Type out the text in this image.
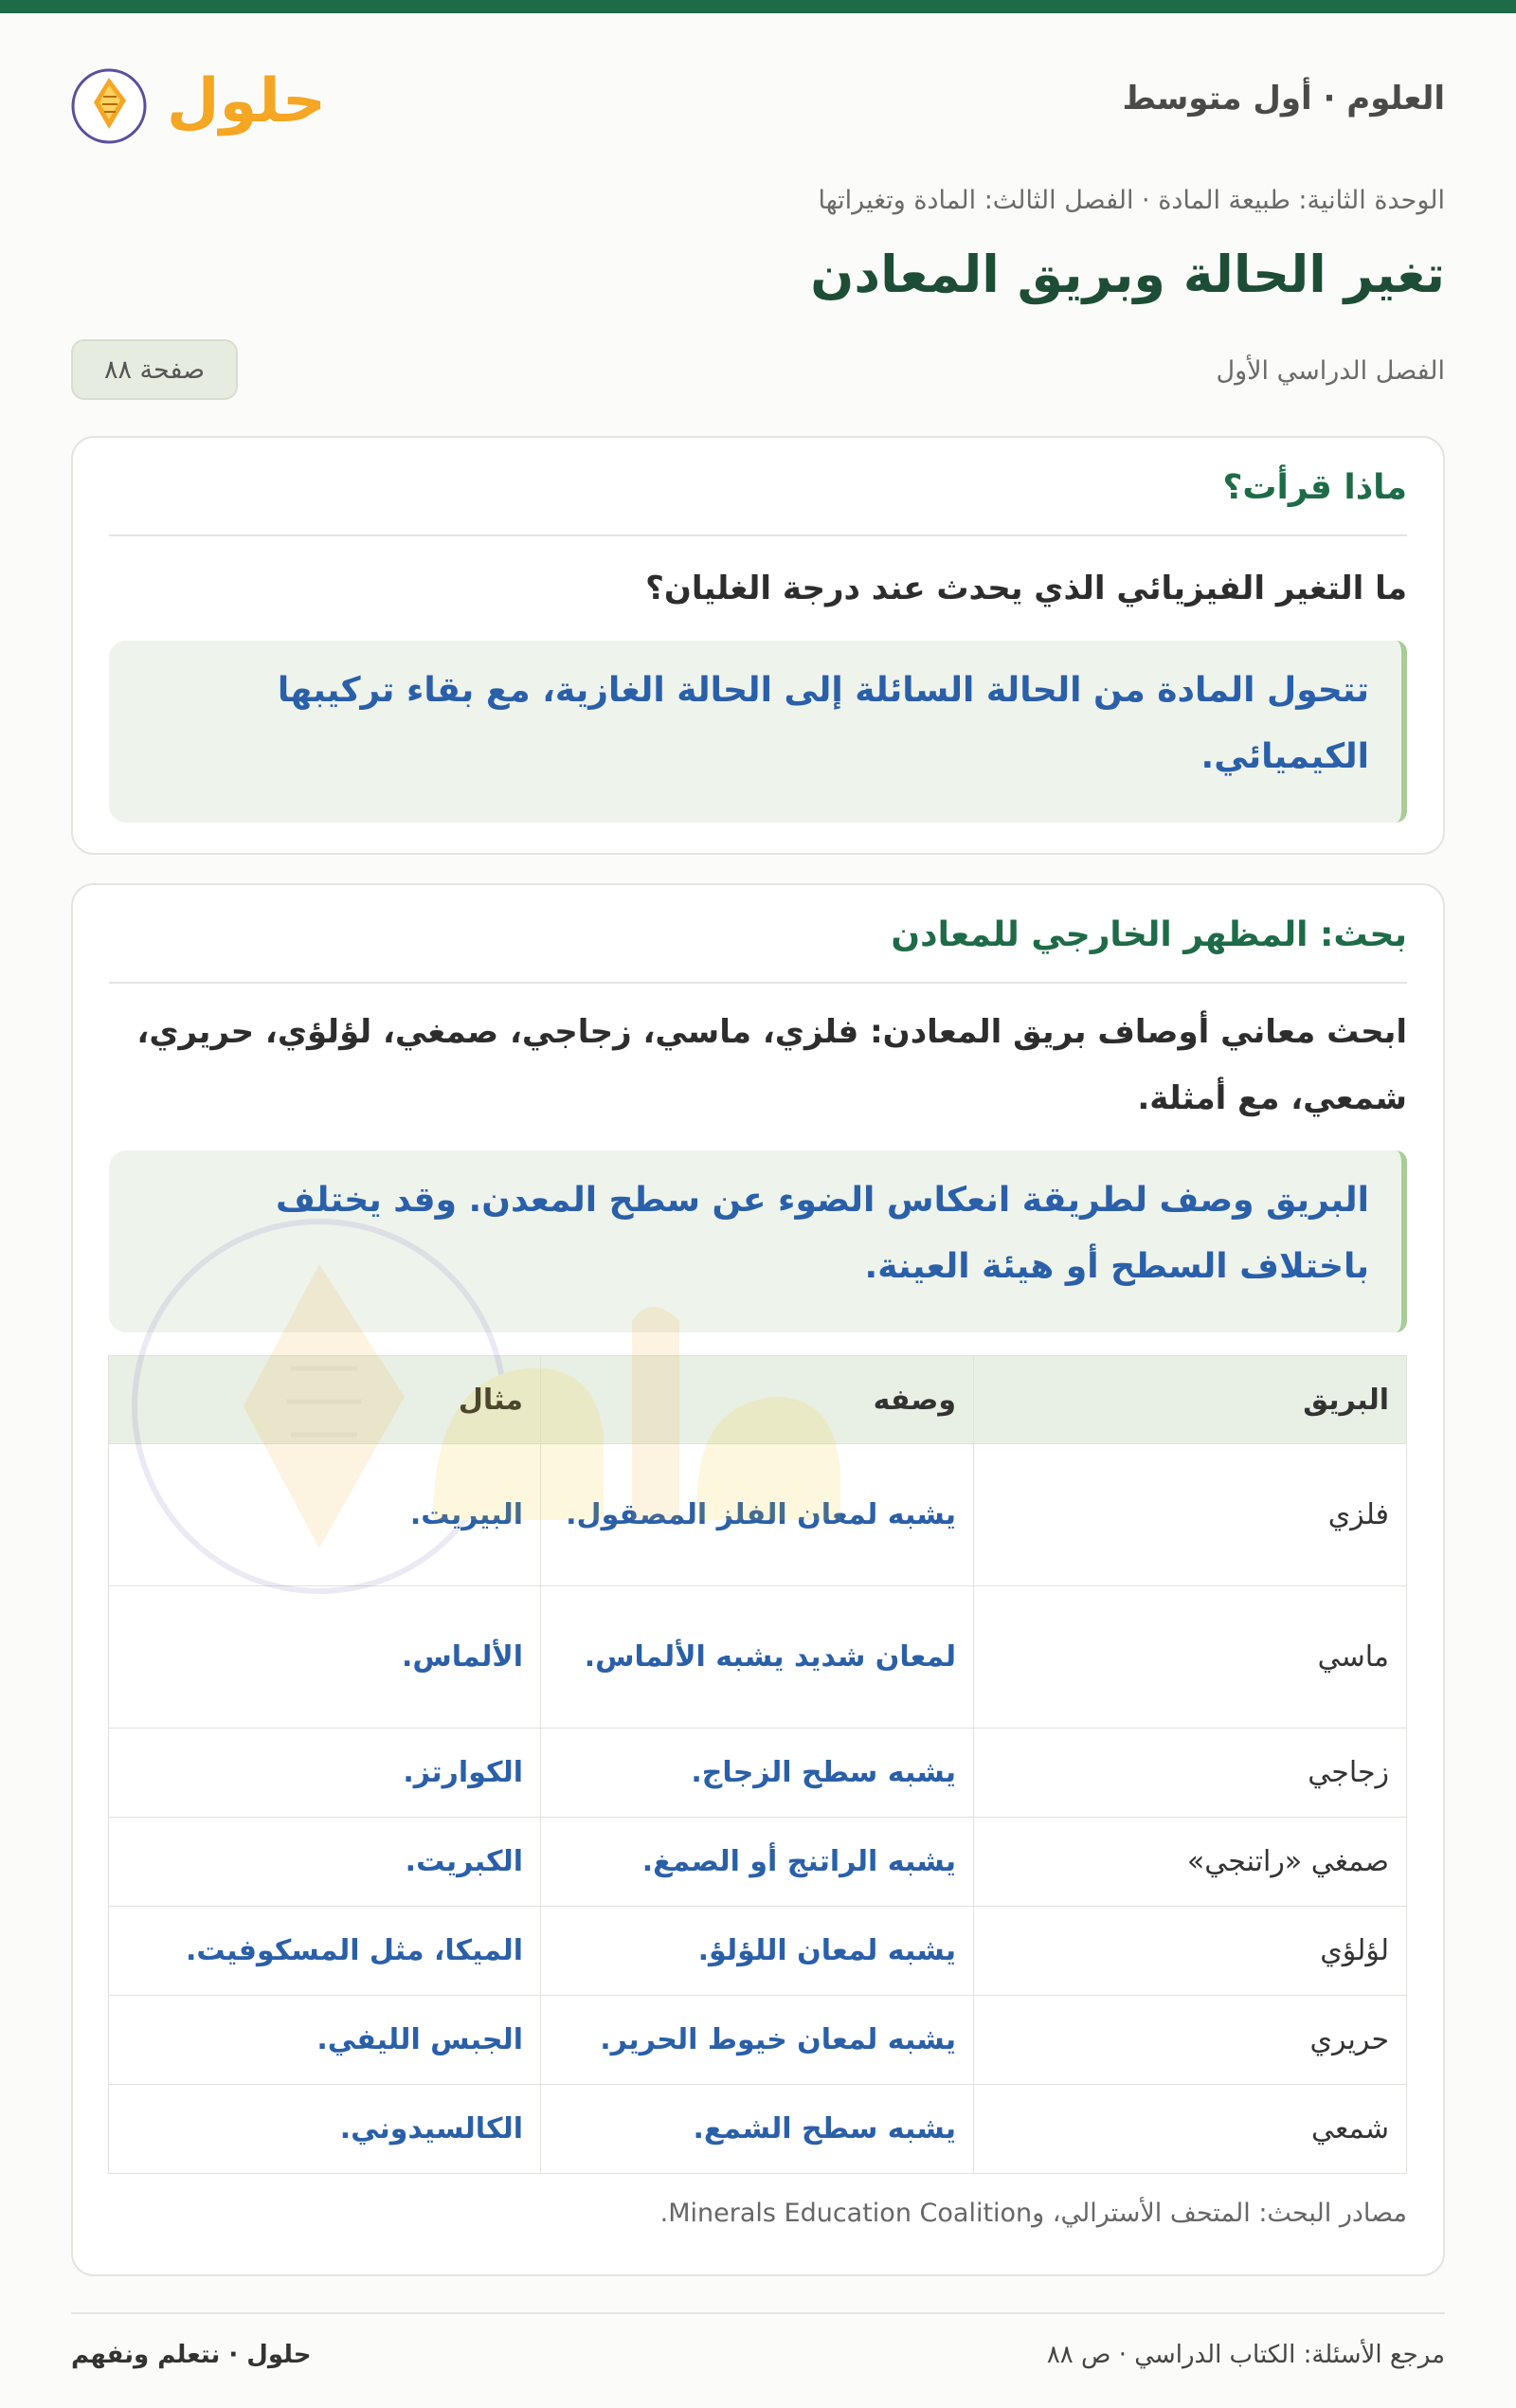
العلوم · أول متوسط
حلول
الوحدة الثانية: طبيعة المادة · الفصل الثالث: المادة وتغيراتها
تغير الحالة وبريق المعادن
الفصل الدراسي الأول
صفحة ٨٨
ماذا قرأت؟
ما التغير الفيزيائي الذي يحدث عند درجة الغليان؟
تتحول المادة من الحالة السائلة إلى الحالة الغازية، مع بقاء تركيبها الكيميائي.
بحث: المظهر الخارجي للمعادن
ابحث معاني أوصاف بريق المعادن: فلزي، ماسي، زجاجي، صمغي، لؤلؤي، حريري، شمعي، مع أمثلة.
البريق وصف لطريقة انعكاس الضوء عن سطح المعدن. وقد يختلف باختلاف السطح أو هيئة العينة.
البريق	وصفه	مثال
فلزي	يشبه لمعان الفلز المصقول.	البيريت.
ماسي	لمعان شديد يشبه الألماس.	الألماس.
زجاجي	يشبه سطح الزجاج.	الكوارتز.
صمغي «راتنجي»	يشبه الراتنج أو الصمغ.	الكبريت.
لؤلؤي	يشبه لمعان اللؤلؤ.	الميكا، مثل المسكوفيت.
حريري	يشبه لمعان خيوط الحرير.	الجبس الليفي.
شمعي	يشبه سطح الشمع.	الكالسيدوني.
مصادر البحث: المتحف الأسترالي، وMinerals Education Coalition.
مرجع الأسئلة: الكتاب الدراسي · ص ٨٨
حلول · نتعلم ونفهم
